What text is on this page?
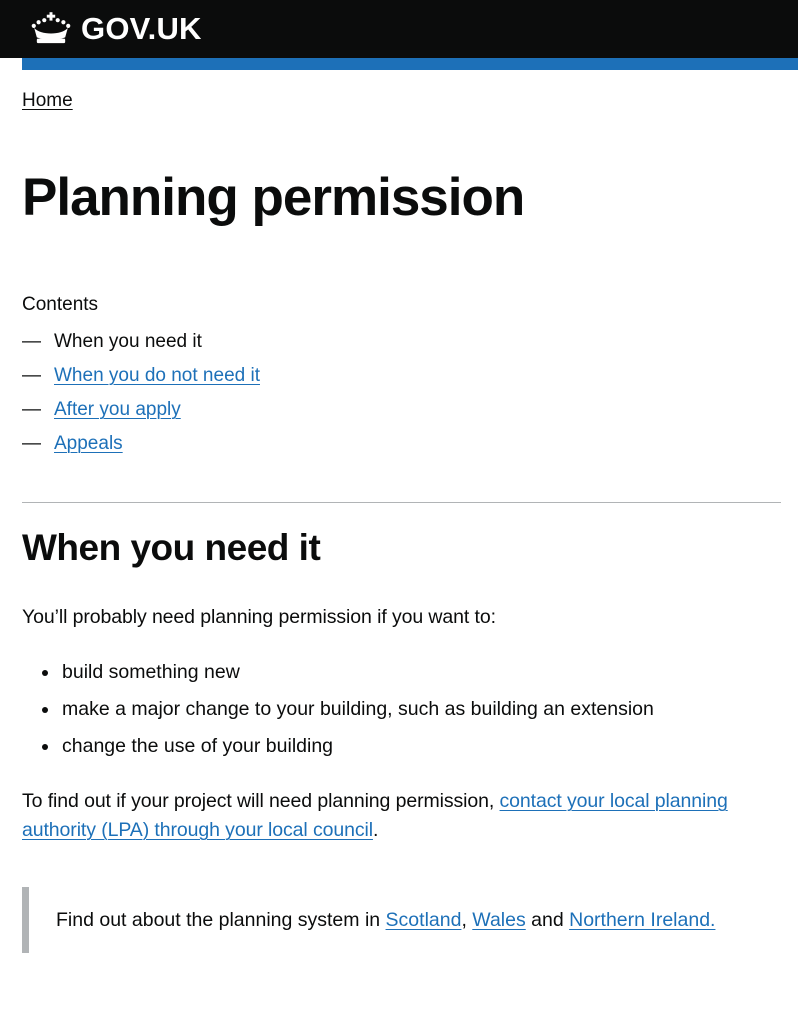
GOV.UK
Home
Planning permission
Contents
— When you need it
— When you do not need it
— After you apply
— Appeals
When you need it

You’ll probably need planning permission if you want to:

• build something new
• make a major change to your building, such as building an extension
• change the use of your building

To find out if your project will need planning permission, contact your local planning authority (LPA) through your local council.

Find out about the planning system in Scotland, Wales and Northern Ireland.
